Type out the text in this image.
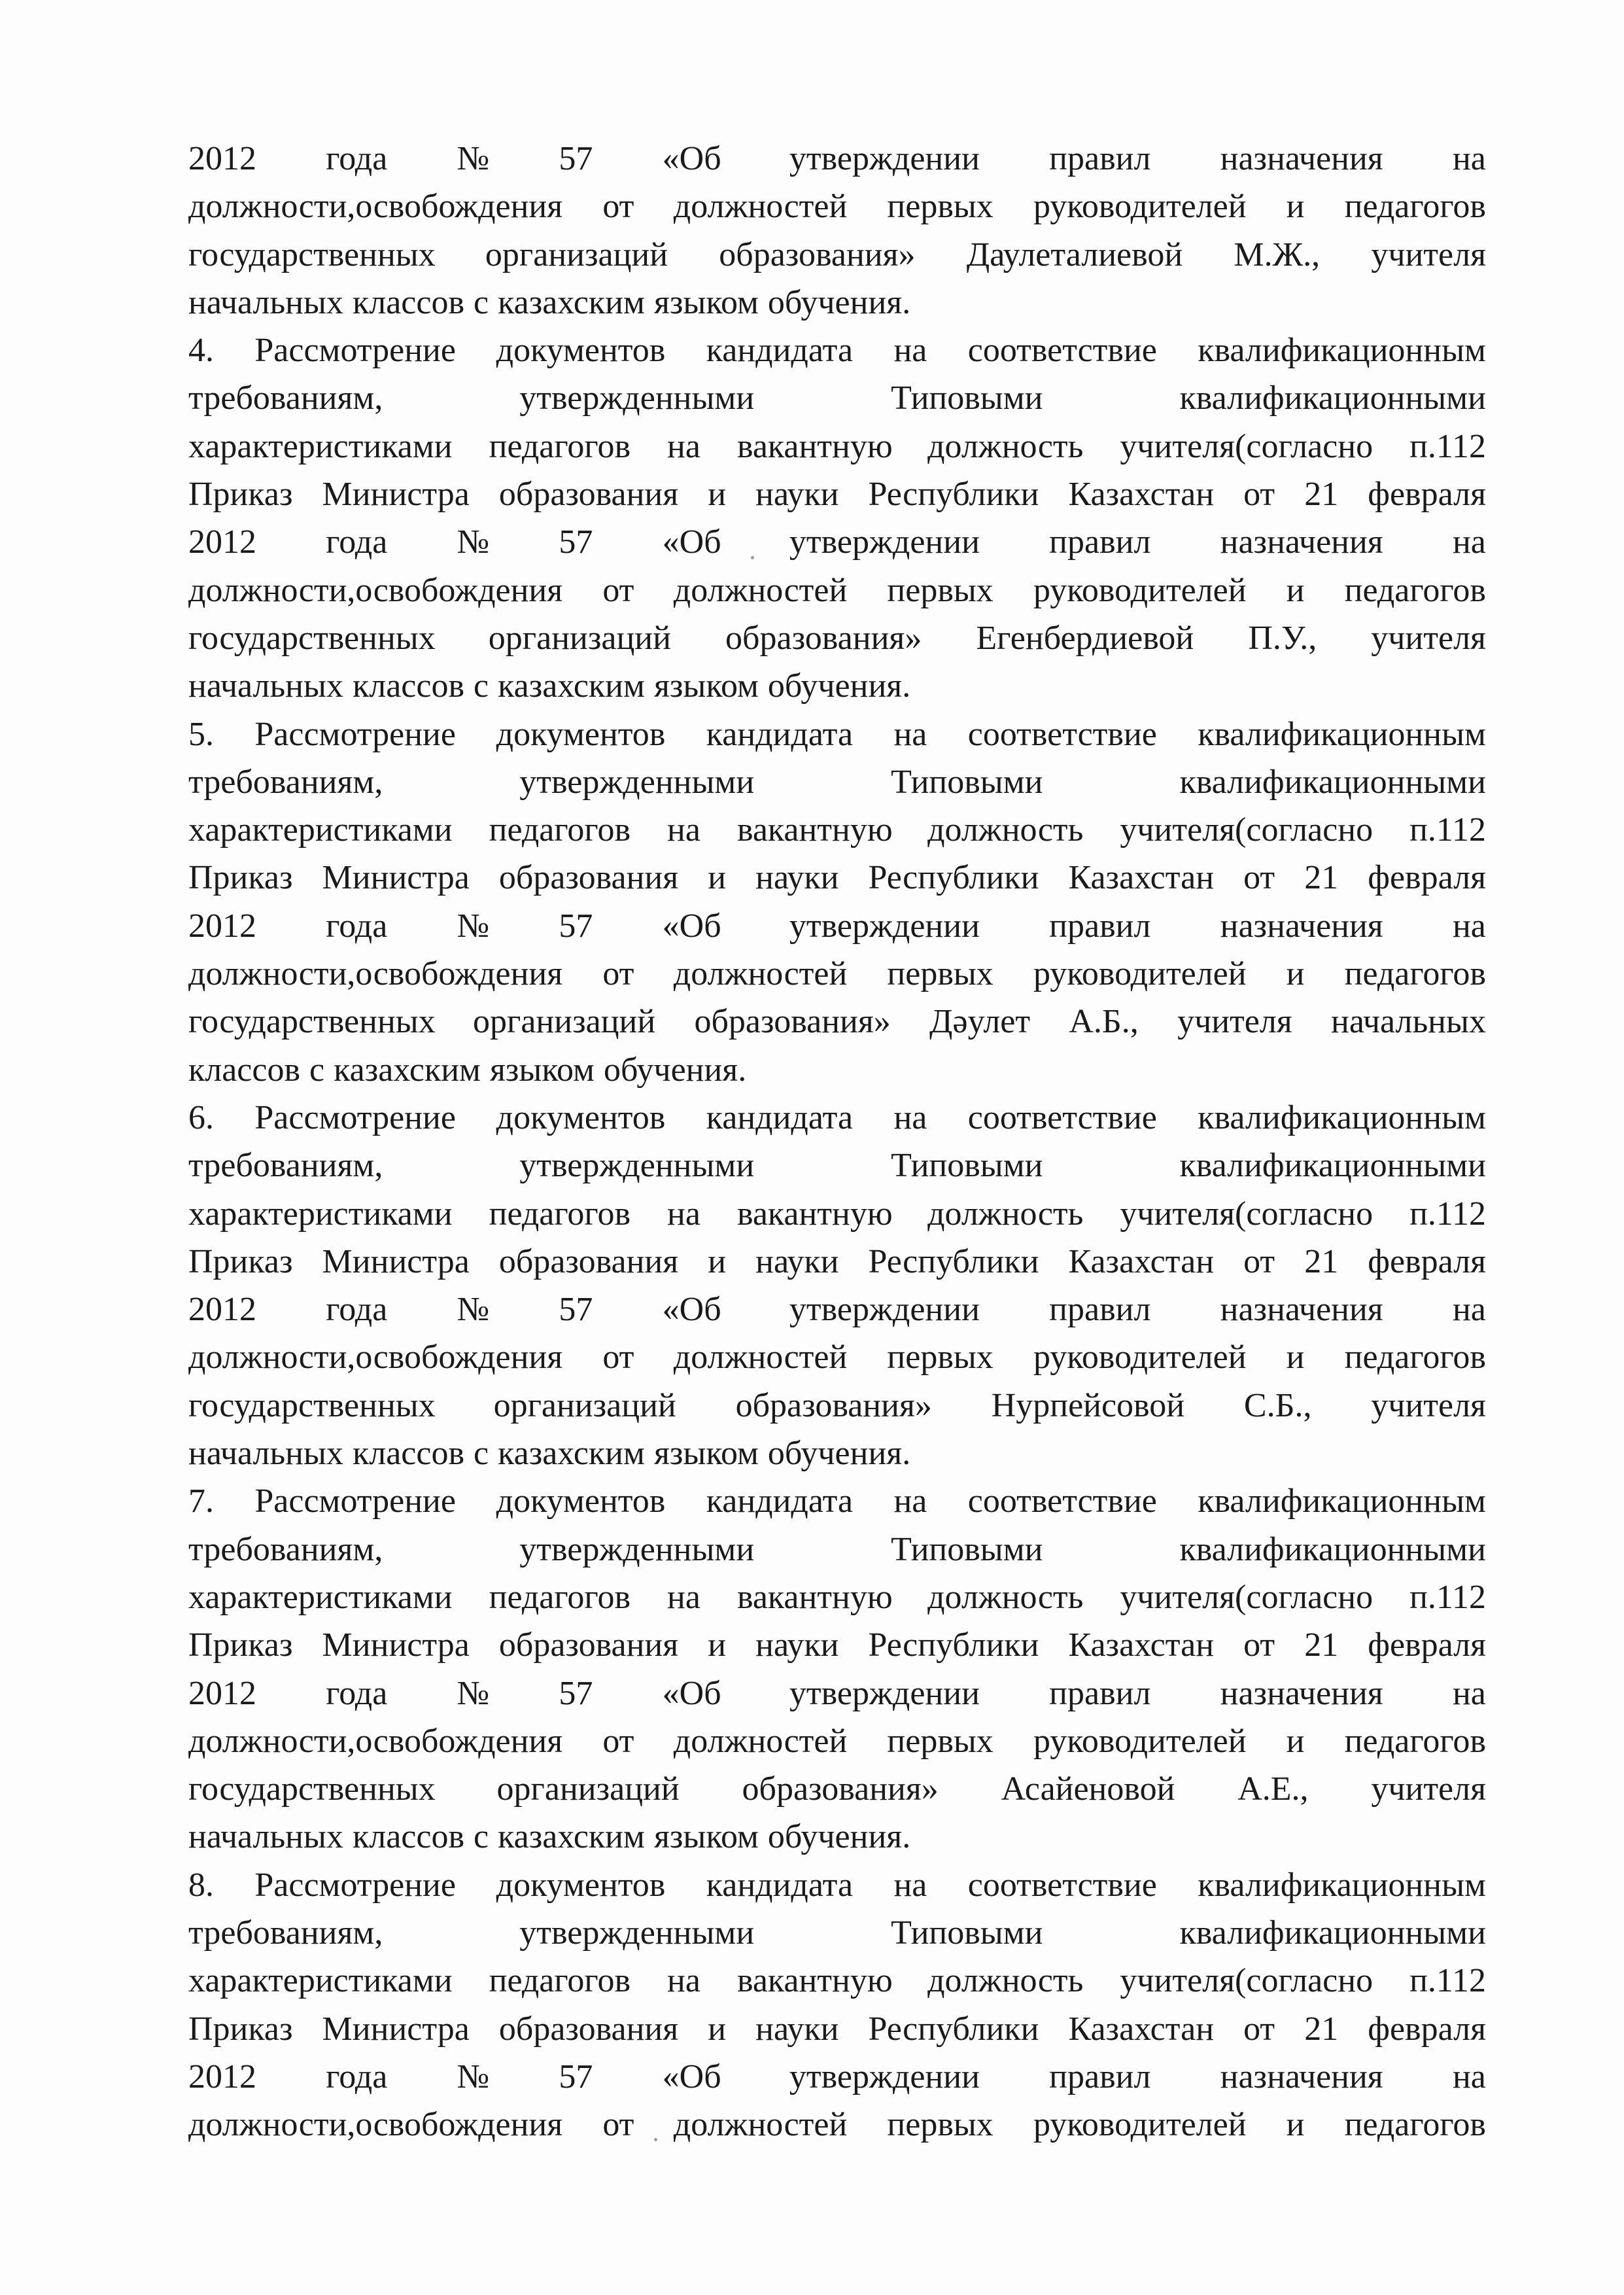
2012 года № 57 «Об утверждении правил назначения на
должности,освобождения от должностей первых руководителей и педагогов
государственных организаций образования» Даулеталиевой М.Ж., учителя
начальных классов с казахским языком обучения.
4. Рассмотрение документов кандидата на соответствие квалификационным
требованиям,	утвержденными	Типовыми	квалификационными
характеристиками педагогов на вакантную должность учителя(согласно п.112
Приказ Министра образования и науки Республики Казахстан от 21 февраля
2012 года № 57 «Об утверждении правил назначения на
должности,освобождения от должностей первых руководителей и педагогов
государственных организаций образования» Егенбердиевой П.У., учителя
начальных классов с казахским языком обучения.
5. Рассмотрение документов кандидата на соответствие квалификационным
требованиям,	утвержденными	Типовыми	квалификационными
характеристиками педагогов на вакантную должность учителя(согласно п.112
Приказ Министра образования и науки Республики Казахстан от 21 февраля
2012 года № 57 «Об утверждении правил назначения на
должности,освобождения от должностей первых руководителей и педагогов
государственных организаций образования» Дәулет А.Б., учителя начальных
классов с казахским языком обучения.
6. Рассмотрение документов кандидата на соответствие квалификационным
требованиям,	утвержденными	Типовыми	квалификационными
характеристиками педагогов на вакантную должность учителя(согласно п.112
Приказ Министра образования и науки Республики Казахстан от 21 февраля
2012 года № 57 «Об утверждении правил назначения на
должности,освобождения от должностей первых руководителей и педагогов
государственных организаций образования» Нурпейсовой С.Б., учителя
начальных классов с казахским языком обучения.
7. Рассмотрение документов кандидата на соответствие квалификационным
требованиям,	утвержденными	Типовыми	квалификационными
характеристиками педагогов на вакантную должность учителя(согласно п.112
Приказ Министра образования и науки Республики Казахстан от 21 февраля
2012 года № 57 «Об утверждении правил назначения на
должности,освобождения от должностей первых руководителей и педагогов
государственных организаций образования» Асайеновой А.Е., учителя
начальных классов с казахским языком обучения.
8. Рассмотрение документов кандидата на соответствие квалификационным
требованиям,	утвержденными	Типовыми	квалификационными
характеристиками педагогов на вакантную должность учителя(согласно п.112
Приказ Министра образования и науки Республики Казахстан от 21 февраля
2012 года № 57 «Об утверждении правил назначения на
должности,освобождения от должностей первых руководителей и педагогов
